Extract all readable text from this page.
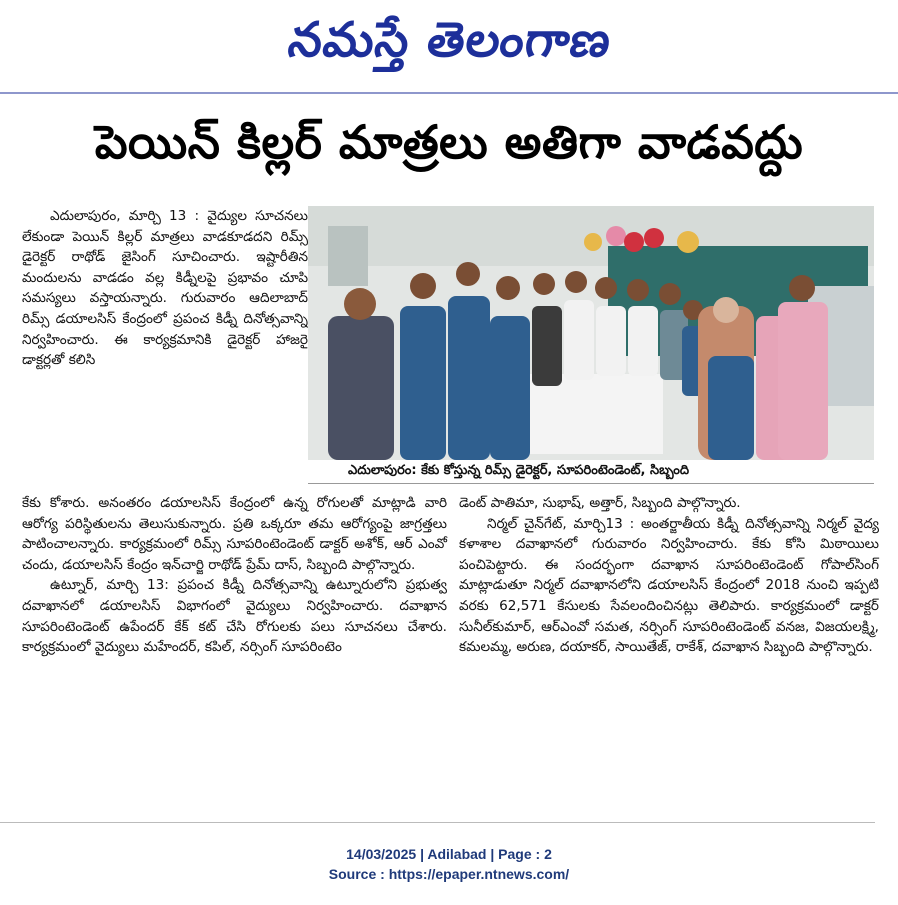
నమస్తే తెలంగాణ
పెయిన్ కిల్లర్ మాత్రలు అతిగా వాడవద్దు

ఎదులాపురం, మార్చి 13 : వైద్యుల సూచనలు లేకుండా పెయిన్ కిల్లర్ మాత్రలు వాడకూడదని రిమ్స్ డైరెక్టర్ రాథోడ్ జైసింగ్ సూచించారు. ఇష్టారీతిన మందులను వాడడం వల్ల కిడ్నీలపై ప్రభావం చూపి సమస్యలు వస్తాయన్నారు. గురువారం ఆదిలాబాద్ రిమ్స్ డయాలసిస్ కేంద్రంలో ప్రపంచ కిడ్నీ దినోత్సవాన్ని నిర్వహించారు. ఈ కార్యక్రమానికి డైరెక్టర్ హాజరై డాక్టర్లతో కలిసి

ఎదులాపురం: కేకు కోస్తున్న రిమ్స్ డైరెక్టర్, సూపరింటెండెంట్, సిబ్బంది

కేకు కోశారు. అనంతరం డయాలసిస్ కేంద్రంలో ఉన్న రోగులతో మాట్లాడి వారి ఆరోగ్య పరిస్థితులను తెలుసుకున్నారు. ప్రతి ఒక్కరూ తమ ఆరోగ్యంపై జాగ్రత్తలు పాటించాలన్నారు. కార్యక్రమంలో రిమ్స్ సూపరింటెండెంట్ డాక్టర్ అశోక్, ఆర్ ఎంవో చందు, డయాలసిస్ కేంద్రం ఇన్‌చార్జి రాథోడ్ ప్రేమ్ దాస్, సిబ్బంది పాల్గొన్నారు.

ఉట్నూర్, మార్చి 13: ప్రపంచ కిడ్నీ దినోత్సవాన్ని ఉట్నూరులోని ప్రభుత్వ దవాఖానలో డయాలసిస్ విభాగంలో వైద్యులు నిర్వహించారు. దవాఖాన సూపరింటెండెంట్ ఉపేందర్ కేక్ కట్ చేసి రోగులకు పలు సూచనలు చేశారు. కార్యక్రమంలో వైద్యులు మహేందర్, కపిల్, నర్సింగ్ సూపరింటెం

డెంట్ పాతిమా, సుభాష్, అత్తార్, సిబ్బంది పాల్గొన్నారు.

నిర్మల్ చైన్‌గేట్, మార్చి13 : అంతర్జాతీయ కిడ్నీ దినోత్సవాన్ని నిర్మల్ వైద్య కళాశాల దవాఖానలో గురువారం నిర్వహించారు. కేకు కోసి మిఠాయిలు పంచిపెట్టారు. ఈ సందర్భంగా దవాఖాన సూపరింటెండెంట్ గోపాల్‌సింగ్ మాట్లాడుతూ నిర్మల్ దవాఖానలోని డయాలసిస్ కేంద్రంలో 2018 నుంచి ఇప్పటి వరకు 62,571 కేసులకు సేవలందించినట్లు తెలిపారు. కార్యక్రమంలో డాక్టర్ సునీల్‌కుమార్, ఆర్‌ఎంవో సమత, నర్సింగ్ సూపరింటెండెంట్ వనజ, విజయలక్ష్మి, కమలమ్మ, అరుణ, దయాకర్, సాయితేజ్, రాకేశ్, దవాఖాన సిబ్బంది పాల్గొన్నారు.

14/03/2025 | Adilabad | Page : 2
Source : https://epaper.ntnews.com/
